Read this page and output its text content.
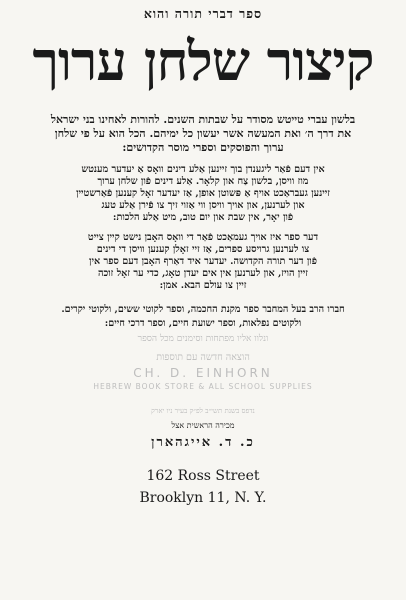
ספר דברי תורה והוא
קיצור שלחן ערוך
בלשון עברי טייטש מסודר על שבתות השנים. להורות לאחינו בני ישראל
את דרך ה׳ ואת המעשה אשר יעשון כל ימיהם. הכל הוא על פי שלחן
ערוך והפוסקים וספרי מוסר הקדושים:
אין דעם פֿאַר ליגענדן בוך זיינען אַלע דינים וואָס אַ יעדער מענטש
מוז וויסן, בלשון צַח און קלאָר. אַלע דינים פֿון שלחן ערוך
זיינען געבראַכט אויף אַ פּשוטן אופן, אַז יעדער זאָל קענען פֿאַרשטיין
און לערנען, און אויך וויסן ווי אַזוי זיך צו פֿירן אַלע טעג
פֿון יאָר, אין שבת און יום טוב, מיט אַלע הלכות:
דער ספר איז אויך געמאַכט פֿאַר די וואָס האָבן נישט קיין צייט
צו לערנען גרויסע ספרים, אַז זיי זאָלן קענען וויסן די דינים
פֿון דער תורה הקדושה. יעדער איד דאַרף האָבן דעם ספר אין
זיין הויז, און לערנען אין אים יעדן טאָג, כדי ער זאָל זוכה
זיין צו עולם הבא. אמן:
חברו הרב בעל המחבר ספר מקנת החכמה, וספר לקוטי ששים, ולקוטי יקרים.
ולקוטים נפלאות, וספר ישועת חיים, וספר דרכי חיים:
ונלוו אליו מפתחות וסימנים מכל הספר
הוצאה חדשה עם תוספות
CH. D. EINHORN
HEBREW BOOK STORE & ALL SCHOOL SUPPLIES
נדפס בשנת תשי״ב לפ״ק בעיר ניו יארק
מכירה הראשית אצל
כ. ד. אייגהארן
162 Ross Street
Brooklyn 11, N. Y.
